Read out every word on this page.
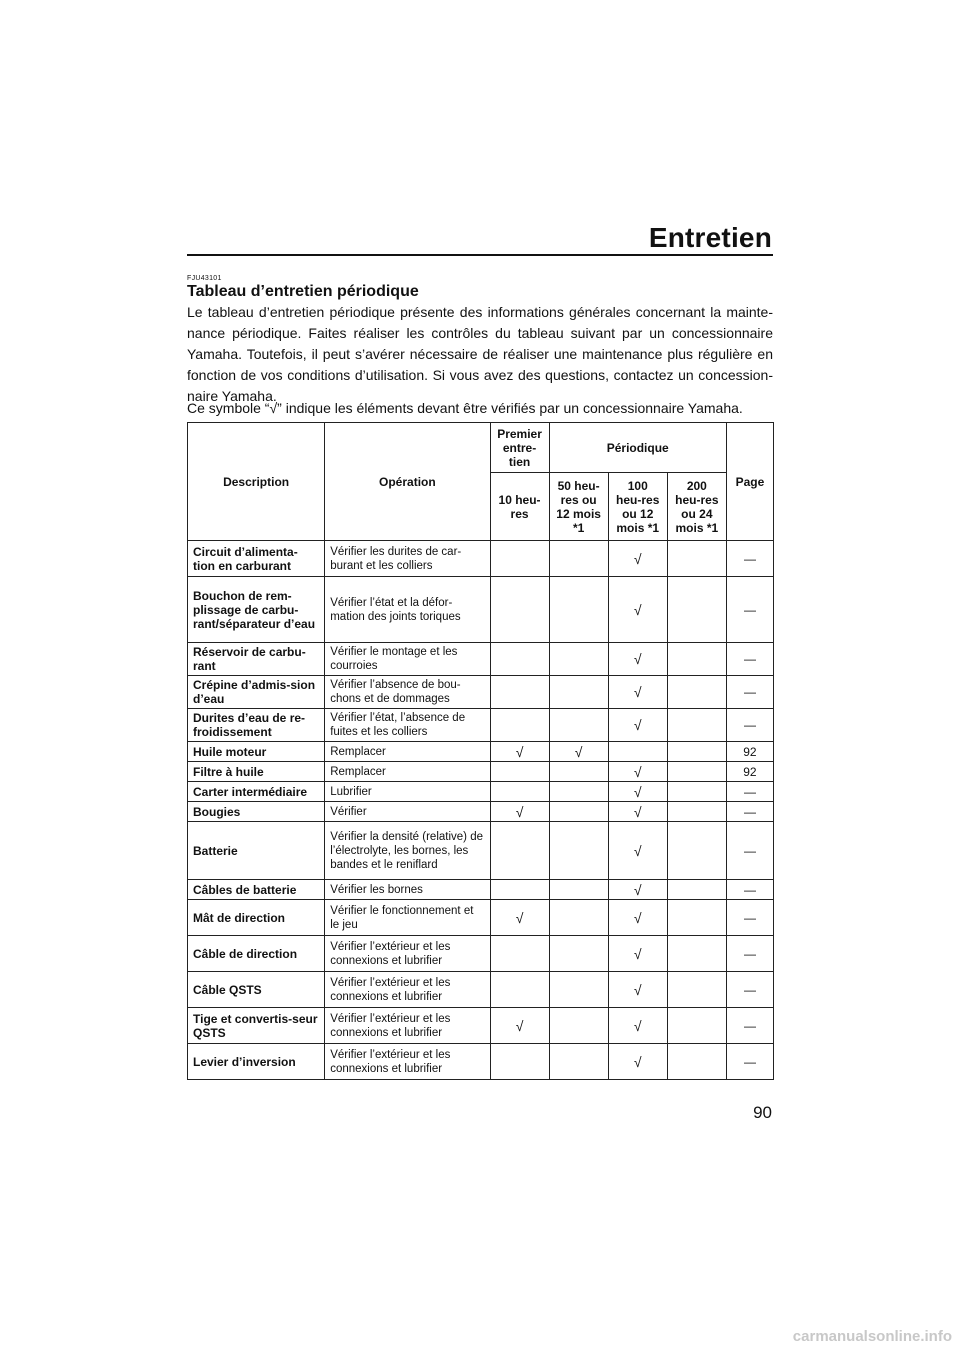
Entretien
FJU43101
Tableau d’entretien périodique

Le tableau d’entretien périodique présente des informations générales concernant la mainte-nance périodique. Faites réaliser les contrôles du tableau suivant par un concessionnaire Yamaha. Toutefois, il peut s’avérer nécessaire de réaliser une maintenance plus régulière en fonction de vos conditions d’utilisation. Si vous avez des questions, contactez un concession-naire Yamaha.

Ce symbole “√” indique les éléments devant être vérifiés par un concessionnaire Yamaha.
Description	Opération	Premier entre-tien	Périodique			Page
		10 heu-res	50 heu-res ou 12 mois *1	100 heu-res ou 12 mois *1	200 heu-res ou 24 mois *1	
Circuit d’alimenta-tion en carburant	Vérifier les durites de car-burant et les colliers			√		—
Bouchon de rem-plissage de carbu-rant/séparateur d’eau	Vérifier l’état et la défor-mation des joints toriques			√		—
Réservoir de carbu-rant	Vérifier le montage et les courroies			√		—
Crépine d’admis-sion d’eau	Vérifier l’absence de bou-chons et de dommages			√		—
Durites d’eau de re-froidissement	Vérifier l’état, l’absence de fuites et les colliers			√		—
Huile moteur	Remplacer	√	√			92
Filtre à huile	Remplacer			√		92
Carter intermédiaire	Lubrifier			√		—
Bougies	Vérifier	√		√		—
Batterie	Vérifier la densité (relative) de l’électrolyte, les bornes, les bandes et le reniflard			√		—
Câbles de batterie	Vérifier les bornes			√		—
Mât de direction	Vérifier le fonctionnement et le jeu	√		√		—
Câble de direction	Vérifier l’extérieur et les connexions et lubrifier			√		—
Câble QSTS	Vérifier l’extérieur et les connexions et lubrifier			√		—
Tige et convertis-seur QSTS	Vérifier l’extérieur et les connexions et lubrifier	√		√		—
Levier d’inversion	Vérifier l’extérieur et les connexions et lubrifier			√		—
90
carmanualsonline.info
